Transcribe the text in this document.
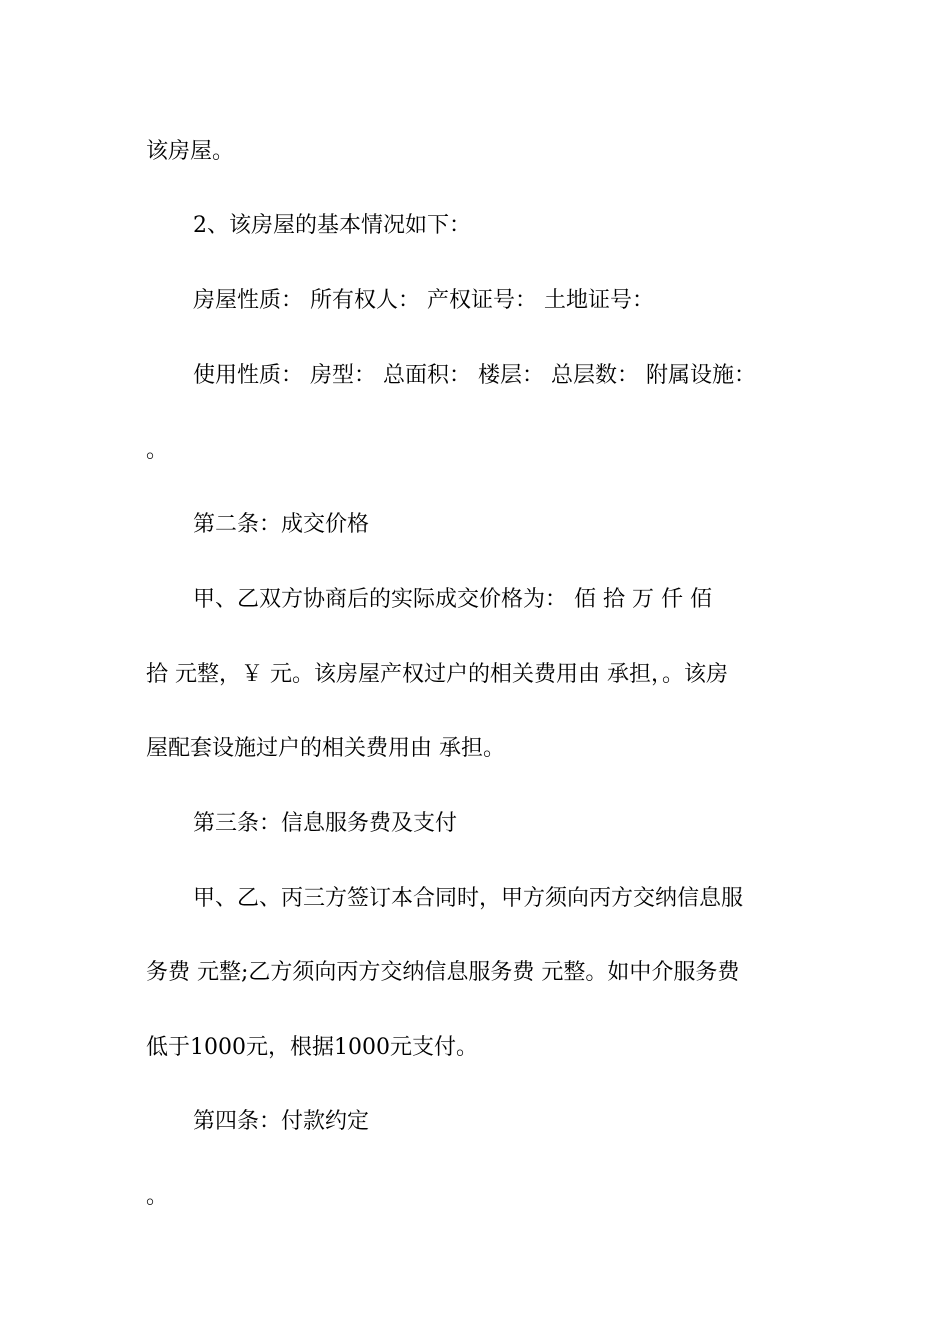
该房屋。
2、该房屋的基本情况如下：
房屋性质： 所有权人： 产权证号： 土地证号：
使用性质： 房型： 总面积： 楼层： 总层数： 附属设施：
。
第二条：成交价格
甲、乙双方协商后的实际成交价格为： 佰 拾 万 仟 佰
拾 元整，￥ 元。该房屋产权过户的相关费用由 承担，。该房
屋配套设施过户的相关费用由 承担。
第三条：信息服务费及支付
甲、乙、丙三方签订本合同时，甲方须向丙方交纳信息服
务费 元整;乙方须向丙方交纳信息服务费 元整。如中介服务费
低于1000元，根据1000元支付。
第四条：付款约定
。
